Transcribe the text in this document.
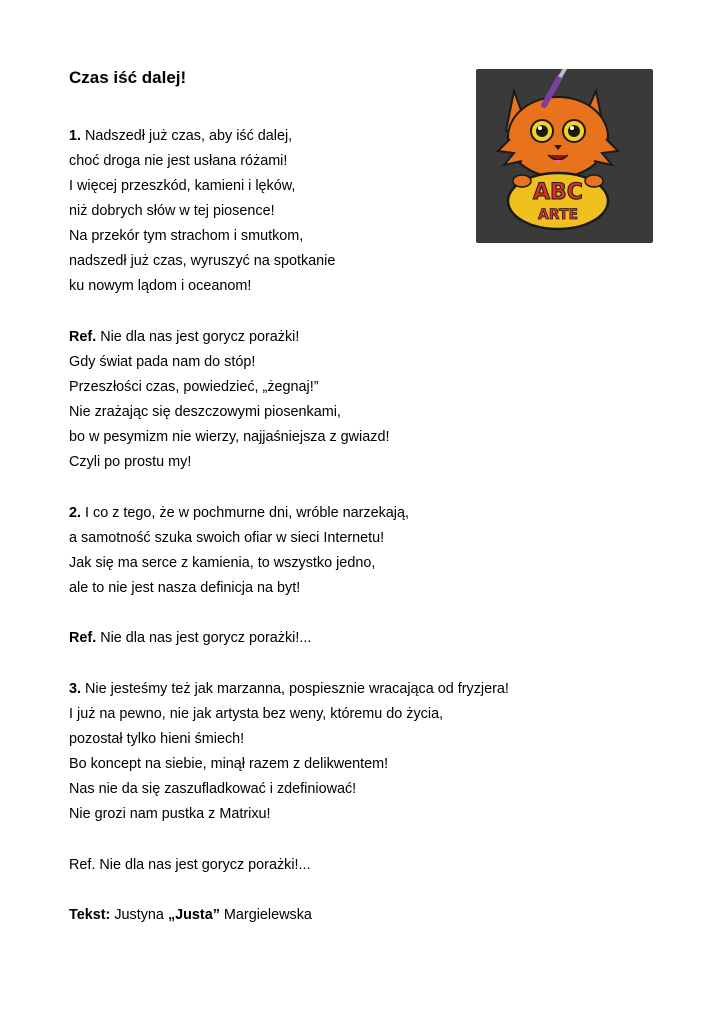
Czas iść dalej!
ABC
ARTE
1. Nadszedł już czas, aby iść dalej,
choć droga nie jest usłana różami!
I więcej przeszkód, kamieni i lęków,
niż dobrych słów w tej piosence!
Na przekór tym strachom i smutkom,
nadszedł już czas, wyruszyć na spotkanie
ku nowym lądom i oceanom!
Ref. Nie dla nas jest gorycz porażki!
Gdy świat pada nam do stóp!
Przeszłości czas, powiedzieć, „żegnaj!”
Nie zrażając się deszczowymi piosenkami,
bo w pesymizm nie wierzy, najjaśniejsza z gwiazd!
Czyli po prostu my!
2. I co z tego, że w pochmurne dni, wróble narzekają,
a samotność szuka swoich ofiar w sieci Internetu!
Jak się ma serce z kamienia, to wszystko jedno,
ale to nie jest nasza definicja na byt!
Ref. Nie dla nas jest gorycz porażki!...
3. Nie jesteśmy też jak marzanna, pospiesznie wracająca od fryzjera!
I już na pewno, nie jak artysta bez weny, któremu do życia,
pozostał tylko hieni śmiech!
Bo koncept na siebie, minął razem z delikwentem!
Nas nie da się zaszufladkować i zdefiniować!
Nie grozi nam pustka z Matrixu!
Ref. Nie dla nas jest gorycz porażki!...
Tekst: Justyna „Justa” Margielewska
